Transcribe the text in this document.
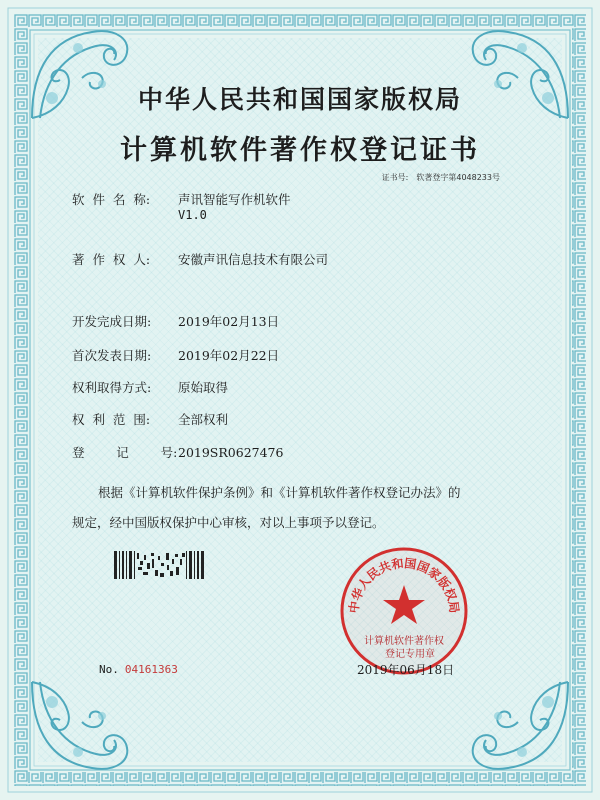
中华人民共和国国家版权局
计算机软件著作权登记证书
证书号: 软著登字第4048233号
软  件  名  称: 声讯智能写作机软件
V1.0
著  作  权  人: 安徽声讯信息技术有限公司
开发完成日期: 2019年02月13日
首次发表日期: 2019年02月22日
权利取得方式: 原始取得
权  利  范  围: 全部权利
登        记        号:2019SR0627476
根据《计算机软件保护条例》和《计算机软件著作权登记办法》的
规定，经中国版权保护中心审核，对以上事项予以登记。
No. 04161363
中华人民共和国国家版权局
计算机软件著作权
登记专用章
2019年06月18日
